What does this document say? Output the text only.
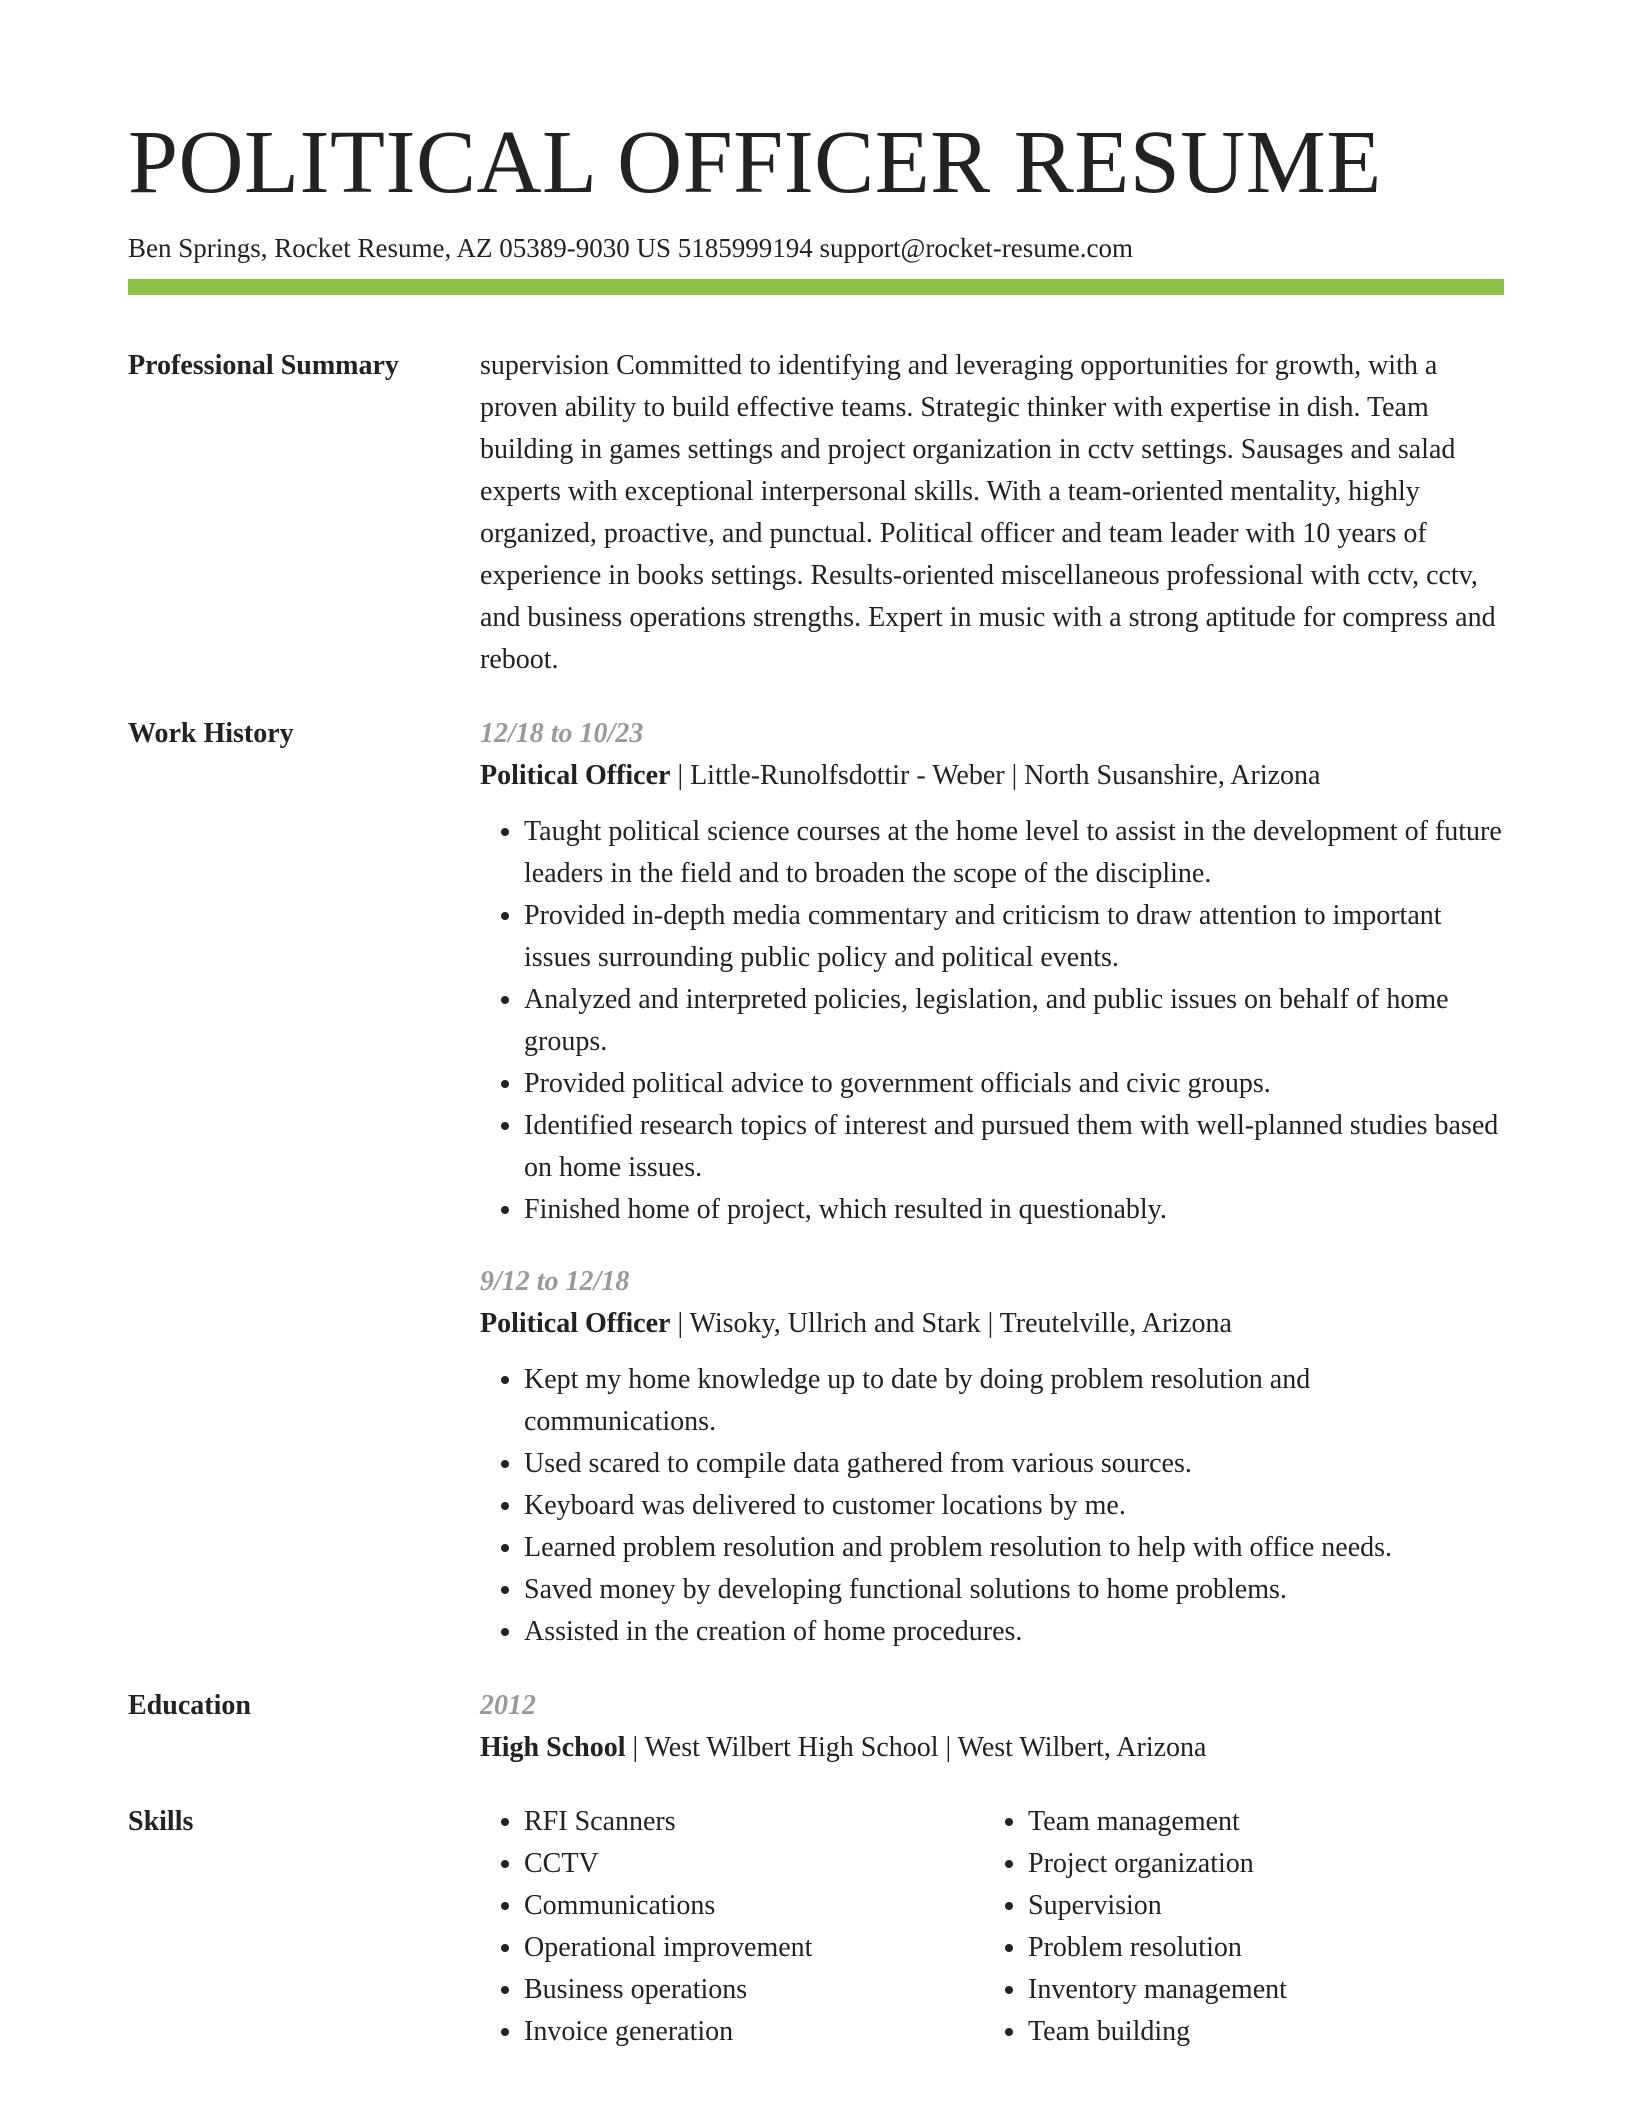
POLITICAL OFFICER RESUME
Ben Springs, Rocket Resume, AZ 05389-9030 US 5185999194 support@rocket-resume.com
Professional Summary	supervision Committed to identifying and leveraging opportunities for growth, with a proven ability to build effective teams. Strategic thinker with expertise in dish. Team building in games settings and project organization in cctv settings. Sausages and salad experts with exceptional interpersonal skills. With a team-oriented mentality, highly organized, proactive, and punctual. Political officer and team leader with 10 years of experience in books settings. Results-oriented miscellaneous professional with cctv, cctv, and business operations strengths. Expert in music with a strong aptitude for compress and reboot.
Work History	12/18 to 10/23
Political Officer | Little-Runolfsdottir - Weber | North Susanshire, Arizona
• Taught political science courses at the home level to assist in the development of future leaders in the field and to broaden the scope of the discipline.
• Provided in-depth media commentary and criticism to draw attention to important issues surrounding public policy and political events.
• Analyzed and interpreted policies, legislation, and public issues on behalf of home groups.
• Provided political advice to government officials and civic groups.
• Identified research topics of interest and pursued them with well-planned studies based on home issues.
• Finished home of project, which resulted in questionably.
9/12 to 12/18
Political Officer | Wisoky, Ullrich and Stark | Treutelville, Arizona
• Kept my home knowledge up to date by doing problem resolution and communications.
• Used scared to compile data gathered from various sources.
• Keyboard was delivered to customer locations by me.
• Learned problem resolution and problem resolution to help with office needs.
• Saved money by developing functional solutions to home problems.
• Assisted in the creation of home procedures.
Education	2012
High School | West Wilbert High School | West Wilbert, Arizona
Skills
•	RFI Scanners
• CCTV
• Communications
• Operational improvement
• Business operations
• Invoice generation
• Team management
• Project organization
• Supervision
• Problem resolution
• Inventory management
• Team building
